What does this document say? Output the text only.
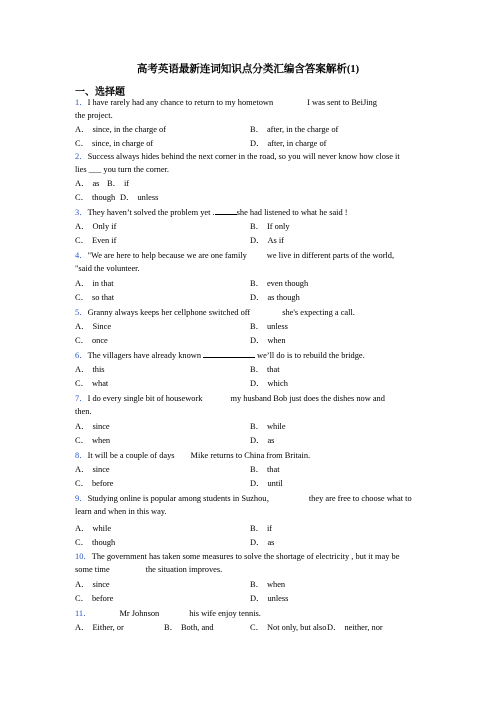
高考英语最新连词知识点分类汇编含答案解析(1)
一、选择题
1．I have rarely had any chance to return to my hometown	I was sent to BeiJing
the project.
A． since, in the charge of	B． after, in the charge of
C． since, in charge of	D． after, in charge of
2．Success always hides behind the next corner in the road, so you will never know how close it
lies ___ you turn the corner.
A． as B． if
C． though D． unless
3．They haven’t solved the problem yet .	she had listened to what he said !
A． Only if	B． If only
C． Even if	D． As if
4．"We are here to help because we are one family we live in different parts of the world,
"said the volunteer.
A． in that	B． even though
C． so that	D． as though
5．Granny always keeps her cellphone switched off	she's expecting a call.
A． Since	B． unless
C． once	D． when
6．The villagers have already known	we’ll do is to rebuild the bridge.
A． this	B． that
C． what	D． which
7．I do every single bit of housework	my husband Bob just does the dishes now and
then.
A． since	B． while
C． when	D． as
8．It will be a couple of days Mike returns to China from Britain.
A． since	B． that
C． before	D． until
9．Studying online is popular among students in Suzhou，	they are free to choose what to
learn and when in this way.
A． while	B． if
C． though	D． as
10．The government has taken some measures to solve the shortage of electricity , but it may be
some time	the situation improves.
A． since	B． when
C． before	D． unless
11．	Mr Johnson	his wife enjoy tennis.
A． Either, or	B． Both, and	C． Not only, but also D． neither, nor
